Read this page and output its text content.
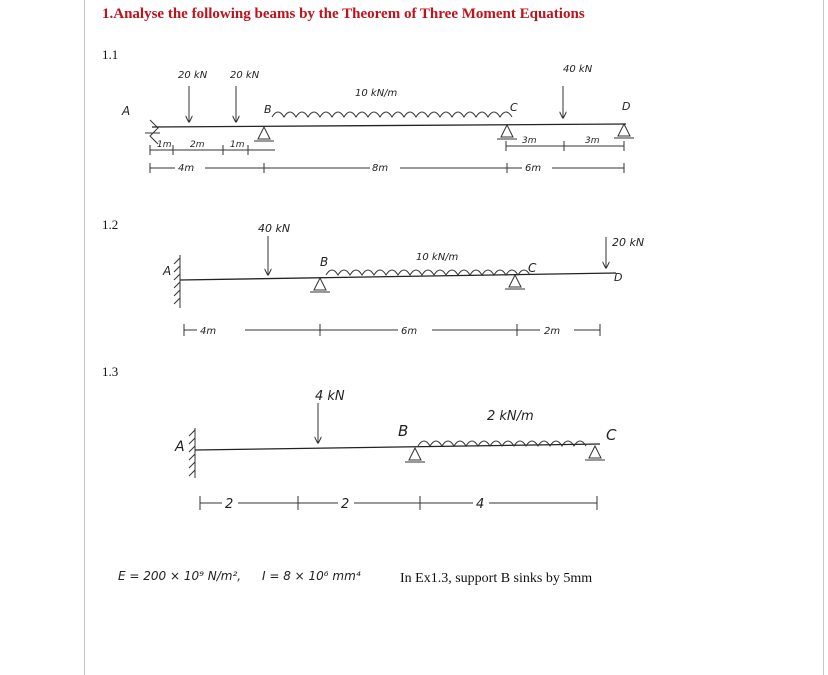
1.Analyse the following beams by the Theorem of Three Moment Equations
1.1
1.2
1.3
A
20 kN 20 kN
40 kN
10 kN/m
B	C	D
1m 2m	1m	3m	3m
4m	8m	6m
A
40 kN
20 kN
10 kN/m
B	C
D
4m	6m	2m
A
4 kN
2 kN/m
B	C
2	2	4
E = 200 × 10⁹ N/m², I = 8 × 10⁶ mm⁴	In Ex1.3, support B sinks by 5mm
